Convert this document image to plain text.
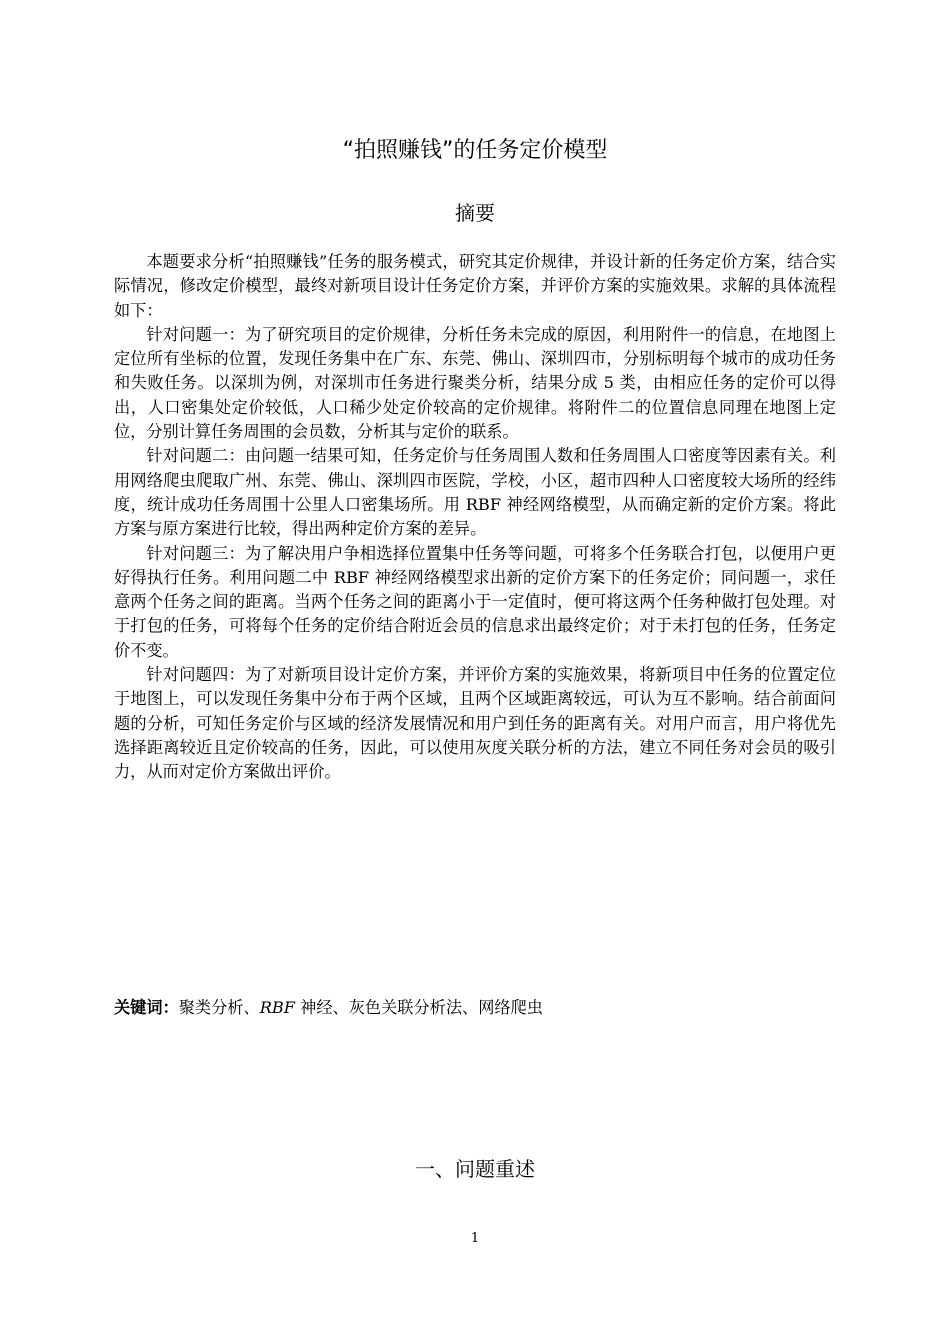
“拍照赚钱”的任务定价模型
摘要

本题要求分析“拍照赚钱”任务的服务模式，研究其定价规律，并设计新的任务定价方案，结合实际情况，修改定价模型，最终对新项目设计任务定价方案，并评价方案的实施效果。求解的具体流程如下：

针对问题一：为了研究项目的定价规律，分析任务未完成的原因，利用附件一的信息，在地图上定位所有坐标的位置，发现任务集中在广东、东莞、佛山、深圳四市，分别标明每个城市的成功任务和失败任务。以深圳为例，对深圳市任务进行聚类分析，结果分成 5 类，由相应任务的定价可以得出，人口密集处定价较低，人口稀少处定价较高的定价规律。将附件二的位置信息同理在地图上定位，分别计算任务周围的会员数，分析其与定价的联系。

针对问题二：由问题一结果可知，任务定价与任务周围人数和任务周围人口密度等因素有关。利用网络爬虫爬取广州、东莞、佛山、深圳四市医院，学校，小区，超市四种人口密度较大场所的经纬度，统计成功任务周围十公里人口密集场所。用 RBF 神经网络模型，从而确定新的定价方案。将此方案与原方案进行比较，得出两种定价方案的差异。

针对问题三：为了解决用户争相选择位置集中任务等问题，可将多个任务联合打包，以便用户更好得执行任务。利用问题二中 RBF 神经网络模型求出新的定价方案下的任务定价；同问题一，求任意两个任务之间的距离。当两个任务之间的距离小于一定值时，便可将这两个任务种做打包处理。对于打包的任务，可将每个任务的定价结合附近会员的信息求出最终定价；对于未打包的任务，任务定价不变。

针对问题四：为了对新项目设计定价方案，并评价方案的实施效果，将新项目中任务的位置定位于地图上，可以发现任务集中分布于两个区域，且两个区域距离较远，可认为互不影响。结合前面问题的分析，可知任务定价与区域的经济发展情况和用户到任务的距离有关。对用户而言，用户将优先选择距离较近且定价较高的任务，因此，可以使用灰度关联分析的方法，建立不同任务对会员的吸引力，从而对定价方案做出评价。

关键词：聚类分析、RBF 神经、灰色关联分析法、网络爬虫
一、问题重述
1
